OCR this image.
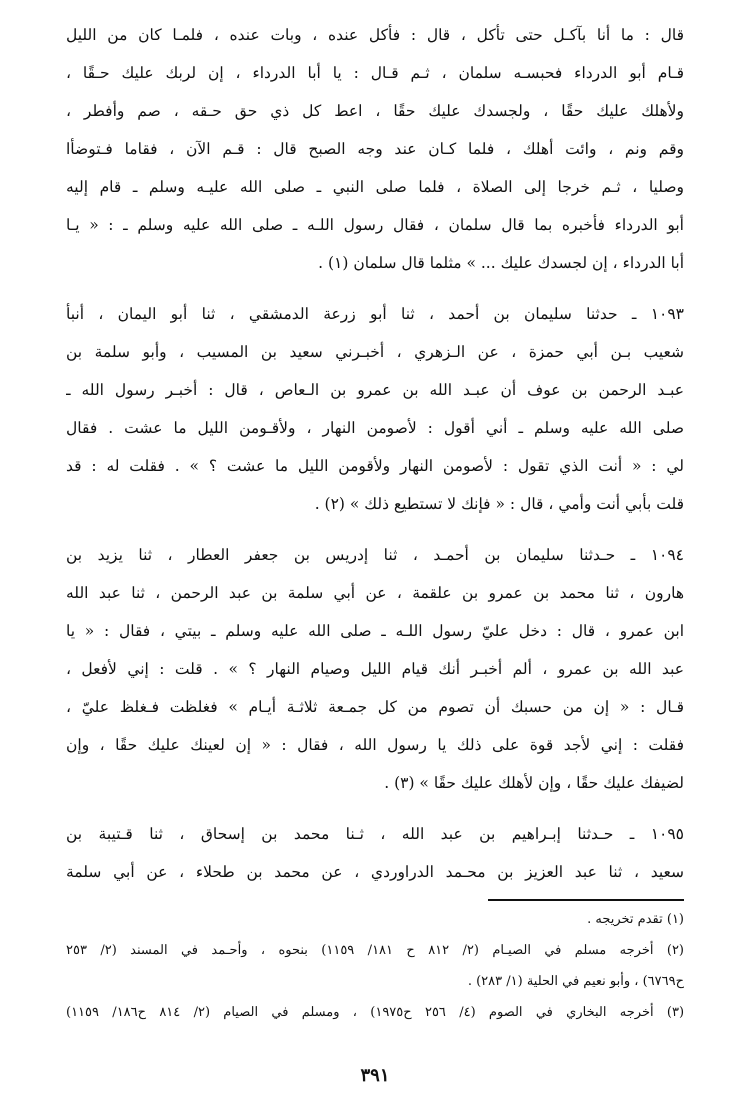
قال : ما أنا بآكـل حتى تأكل ، قال : فأكل عنده ، وبات عنده ، فلمـا كان من الليل
قـام أبو الدرداء فحبسـه سلمان ، ثـم قـال : يا أبا الدرداء ، إن لربك عليك حـقًا ،
ولأهلك عليك حقًا ، ولجسدك عليك حقًا ، اعط كل ذي حق حـقه ، صم وأفطر ،
وقم ونم ، وائت أهلك ، فلما كـان عند وجه الصبح قال : قـم الآن ، فقاما فـتوضأا
وصليا ، ثـم خرجا إلى الصلاة ، فلما صلى النبي ـ صلى الله عليـه وسلم ـ قام إليه
أبو الدرداء فأخبره بما قال سلمان ، فقال رسول اللـه ـ صلى الله عليه وسلم ـ : « يـا
أبا الدرداء ، إن لجسدك عليك ... » مثلما قال سلمان (١) .
١٠٩٣ ـ حدثنا سليمان بن أحمد ، ثنا أبو زرعة الدمشقي ، ثنا أبو اليمان ، أنبأ
شعيب بـن أبي حمزة ، عن الـزهري ، أخبـرني سعيد بن المسيب ، وأبو سلمة بن
عبـد الرحمن بن عوف أن عبـد الله بن عمرو بن الـعاص ، قال : أخبـر رسول الله ـ
صلى الله عليه وسلم ـ أني أقول : لأصومن النهار ، ولأقـومن الليل ما عشت . فقال
لي : « أنت الذي تقول : لأصومن النهار ولأقومن الليل ما عشت ؟ » . فقلت له : قد
قلت بأبي أنت وأمي ، قال : « فإنك لا تستطيع ذلك » (٢) .
١٠٩٤ ـ حـدثنا سليمان بن أحمـد ، ثنا إدريس بن جعفر العطار ، ثنا يزيد بن
هارون ، ثنا محمد بن عمرو بن علقمة ، عن أبي سلمة بن عبد الرحمن ، ثنا عبد الله
ابن عمرو ، قال : دخل عليّ رسول اللـه ـ صلى الله عليه وسلم ـ بيتي ، فقال : « يا
عبد الله بن عمرو ، ألم أخبـر أنك قيام الليل وصيام النهار ؟ » . قلت : إني لأفعل ،
قـال : « إن من حسبك أن تصوم من كل جمـعة ثلاثـة أيـام » فغلظت فـغلظ عليّ ،
فقلت : إني لأجد قوة على ذلك يا رسول الله ، فقال : « إن لعينك عليك حقًا ، وإن
لضيفك عليك حقًا ، وإن لأهلك عليك حقًا » (٣) .
١٠٩٥ ـ حـدثنا إبـراهيم بن عبد الله ، ثـنا محمد بن إسحاق ، ثنا قـتيبة بن
سعيد ، ثنا عبد العزيز بن محـمد الدراوردي ، عن محمد بن طحلاء ، عن أبي سلمة
(١) تقدم تخريجه .
(٢) أخرجه مسلم في الصيـام (٢/ ٨١٢ ح ١٨١/ ١١٥٩) بنحوه ، وأحـمد في المسند (٢/ ٢٥٣
ح٦٧٦٩) ، وأبو نعيم في الحلية (١/ ٢٨٣) .
(٣) أخرجه البخاري في الصوم (٤/ ٢٥٦ ح١٩٧٥) ، ومسلم في الصيام (٢/ ٨١٤ ح١٨٦/ ١١٥٩)
٣٩١
